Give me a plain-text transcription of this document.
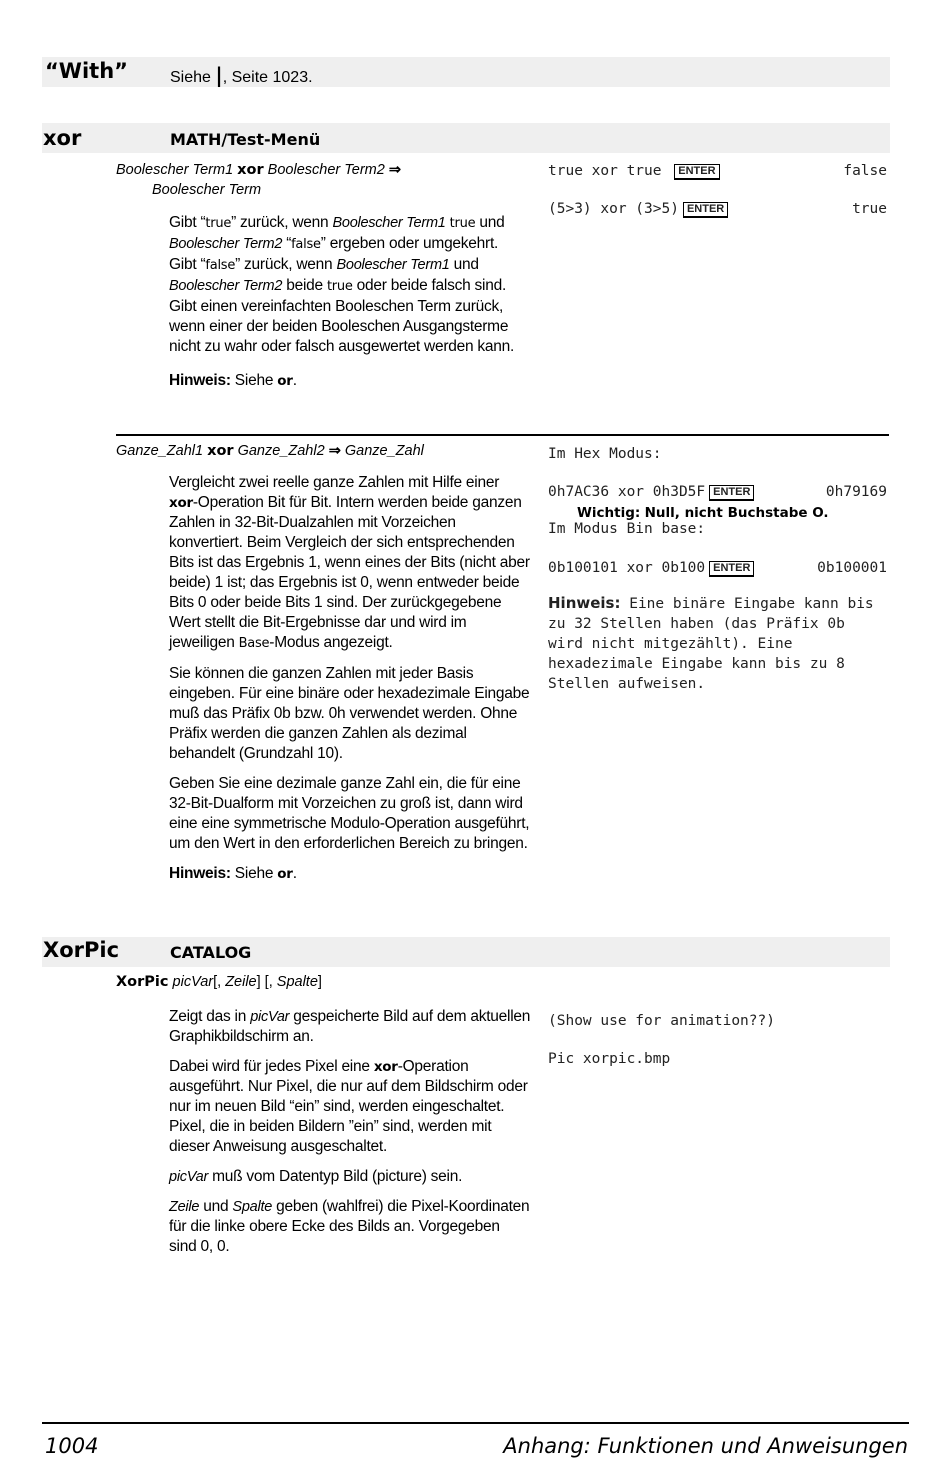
“With”	Siehe |, Seite 1023.
xor	MATH/Test-Menü
Boolescher Term1 xor Boolescher Term2 ⇒
Boolescher Term

Gibt “true” zurück, wenn Boolescher Term1 true und Boolescher Term2 “false” ergeben oder umgekehrt.

Gibt “false” zurück, wenn Boolescher Term1 und Boolescher Term2 beide true oder beide falsch sind.

Gibt einen vereinfachten Booleschen Term zurück, wenn einer der beiden Booleschen Ausgangsterme nicht zu wahr oder falsch ausgewertet werden kann.

Hinweis: Siehe or.

true xor true ENTER	false
(5>3) xor (3>5) ENTER	true
Ganze_Zahl1 xor Ganze_Zahl2 ⇒ Ganze_Zahl

Vergleicht zwei reelle ganze Zahlen mit Hilfe einer xor-Operation Bit für Bit. Intern werden beide ganzen Zahlen in 32-Bit-Dualzahlen mit Vorzeichen konvertiert. Beim Vergleich der sich entsprechenden Bits ist das Ergebnis 1, wenn eines der Bits (nicht aber beide) 1 ist; das Ergebnis ist 0, wenn entweder beide Bits 0 oder beide Bits 1 sind. Der zurückgegebene Wert stellt die Bit-Ergebnisse dar und wird im jeweiligen Base-Modus angezeigt.

Sie können die ganzen Zahlen mit jeder Basis eingeben. Für eine binäre oder hexadezimale Eingabe muß das Präfix 0b bzw. 0h verwendet werden. Ohne Präfix werden die ganzen Zahlen als dezimal behandelt (Grundzahl 10).

Geben Sie eine dezimale ganze Zahl ein, die für eine 32-Bit-Dualform mit Vorzeichen zu groß ist, dann wird eine eine symmetrische Modulo-Operation ausgeführt, um den Wert in den erforderlichen Bereich zu bringen.

Hinweis: Siehe or.

Im Hex Modus:
0h7AC36 xor 0h3D5F ENTER	0h79169
Wichtig: Null, nicht Buchstabe O.
Im Modus Bin base:
0b100101 xor 0b100 ENTER	0b100001
Hinweis: Eine binäre Eingabe kann bis zu 32 Stellen haben (das Präfix 0b wird nicht mitgezählt). Eine hexadezimale Eingabe kann bis zu 8 Stellen aufweisen.
XorPic	CATALOG
XorPic picVar[, Zeile] [, Spalte]

Zeigt das in picVar gespeicherte Bild auf dem aktuellen Graphikbildschirm an.

Dabei wird für jedes Pixel eine xor-Operation ausgeführt. Nur Pixel, die nur auf dem Bildschirm oder nur im neuen Bild “ein” sind, werden eingeschaltet. Pixel, die in beiden Bildern ”ein” sind, werden mit dieser Anweisung ausgeschaltet.

picVar muß vom Datentyp Bild (picture) sein.

Zeile und Spalte geben (wahlfrei) die Pixel-Koordinaten für die linke obere Ecke des Bilds an. Vorgegeben sind 0, 0.

(Show use for animation??)
Pic xorpic.bmp
1004	Anhang: Funktionen und Anweisungen
